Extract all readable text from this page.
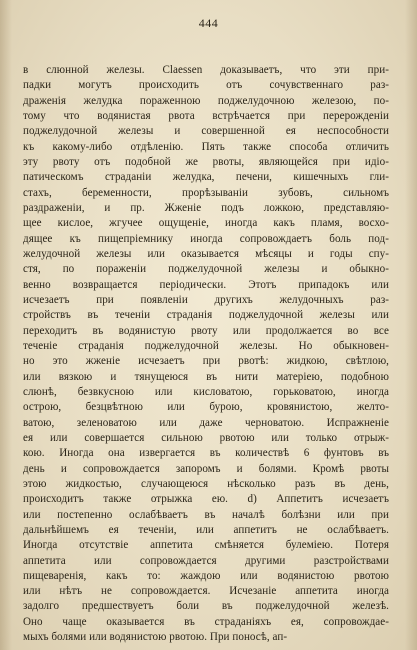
444
в слюнной железы. Claessen доказываетъ, что эти при-
падки могутъ происходить отъ сочувственнаго раз-
драженія желудка пораженною поджелудочною железою, по-
тому что водянистая рвота встрѣчается при перерожденіи
поджелудочной железы и совершенной ея неспособности
къ какому-либо отдѣленію. Пять также способа отличить
эту рвоту отъ подобной же рвоты, являющейся при идіо-
патическомъ страданіи желудка, печени, кишечныхъ гли-
стахъ, беременности, прорѣзываніи зубовъ, сильномъ
раздраженіи, и пр. Жженіе подъ ложкою, представляю-
щее кислое, жгучее ощущеніе, иногда какъ пламя, восхо-
дящее къ пищепріемнику иногда сопровождаетъ боль под-
желудочной железы или оказывается мѣсяцы и годы спу-
стя, по пораженіи поджелудочной железы и обыкно-
венно возвращается періодически. Этотъ припадокъ или
исчезаетъ при появленіи другихъ желудочныхъ раз-
стройствъ въ теченіи страданія поджелудочной железы или
переходитъ въ водянистую рвоту или продолжается во все
теченіе страданія поджелудочной железы. Но обыкновен-
но это жженіе исчезаетъ при рвотѣ: жидкою, свѣтлою,
или вязкою и тянущеюся въ нити матеріею, подобною
слюнѣ, безвкусною или кисловатою, горьковатою, иногда
острою, безцвѣтною или бурою, кровянистою, желто-
ватою, зеленоватою или даже черноватою. Испражненіе
ея или совершается сильною рвотою или только отрыж-
кою. Иногда она извергается въ количествѣ 6 фунтовъ въ
день и сопровождается запоромъ и болями. Кромѣ рвоты
этою жидкостью, случающеюся нѣсколько разъ въ день,
происходитъ также отрыжка ею. d) Аппетитъ исчезаетъ
или постепенно ослабѣваетъ въ началѣ болѣзни или при
дальнѣйшемъ ея теченіи, или аппетитъ не ослабѣваетъ.
Иногда отсутствіе аппетита смѣняется булеміею. Потеря
аппетита или сопровождается другими разстройствами
пищеваренія, какъ то: жаждою или водянистою рвотою
или нѣтъ не сопровождается. Исчезаніе аппетита иногда
задолго предшествуетъ боли въ поджелудочной железѣ.
Оно чаще оказывается въ страданіяхъ ея, сопровождае-
мыхъ болями или водянистою рвотою. При поносѣ, ап-
